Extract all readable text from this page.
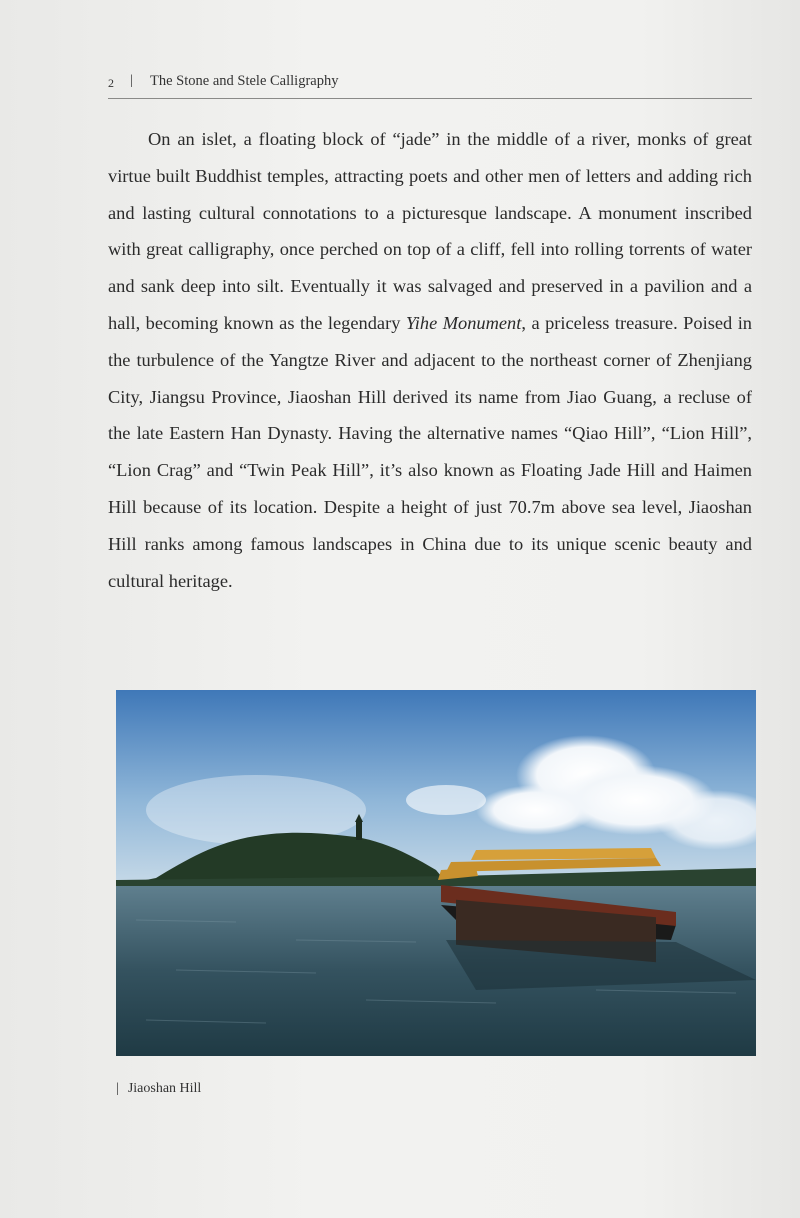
2 | The Stone and Stele Calligraphy

On an islet, a floating block of “jade” in the middle of a river, monks of great virtue built Buddhist temples, attracting poets and other men of letters and adding rich and lasting cultural connotations to a picturesque landscape. A monument inscribed with great calligraphy, once perched on top of a cliff, fell into rolling torrents of water and sank deep into silt. Eventually it was salvaged and preserved in a pavilion and a hall, becoming known as the legendary Yihe Monument, a priceless treasure. Poised in the turbulence of the Yangtze River and adjacent to the northeast corner of Zhenjiang City, Jiangsu Province, Jiaoshan Hill derived its name from Jiao Guang, a recluse of the late Eastern Han Dynasty. Having the alternative names “Qiao Hill”, “Lion Hill”, “Lion Crag” and “Twin Peak Hill”, it’s also known as Floating Jade Hill and Haimen Hill because of its location. Despite a height of just 70.7m above sea level, Jiaoshan Hill ranks among famous landscapes in China due to its unique scenic beauty and cultural heritage.

| Jiaoshan Hill
